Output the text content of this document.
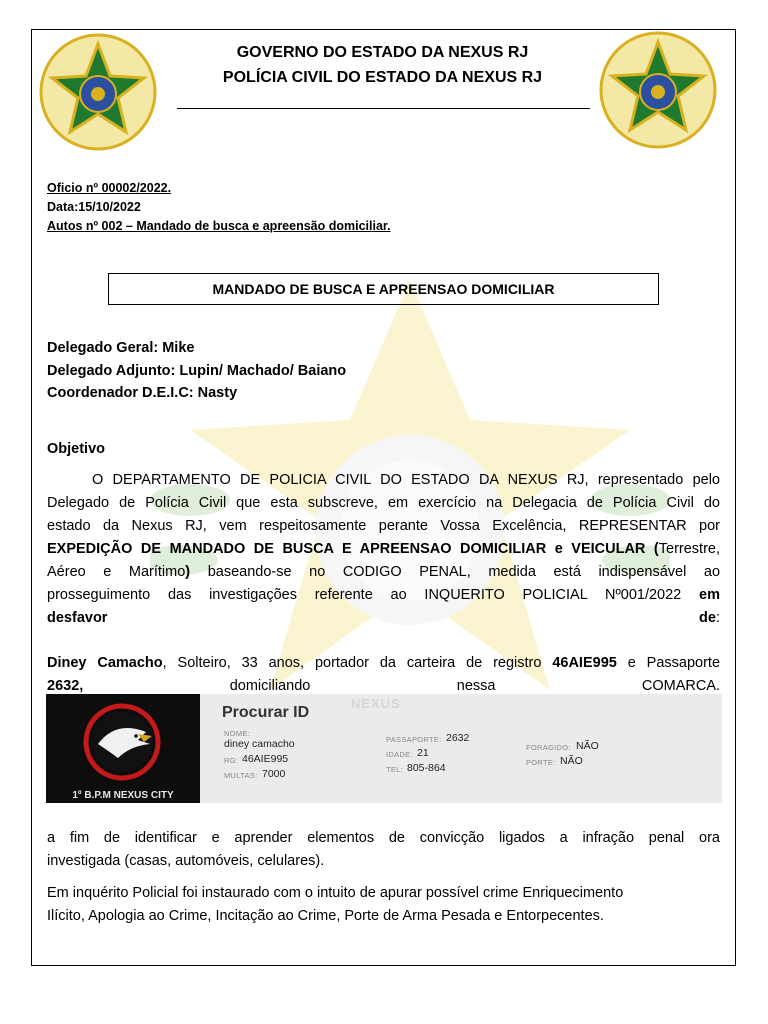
GOVERNO DO ESTADO DA NEXUS RJ
POLÍCIA CIVIL DO ESTADO DA NEXUS RJ
Oficio nº 00002/2022.
Data:15/10/2022
Autos nº 002 – Mandado de busca e apreensão domiciliar.
MANDADO DE BUSCA E APREENSAO DOMICILIAR
Delegado Geral: Mike
Delegado Adjunto: Lupin/ Machado/ Baiano
Coordenador D.E.I.C: Nasty
Objetivo
O DEPARTAMENTO DE POLICIA CIVIL DO ESTADO DA NEXUS RJ, representado pelo
Delegado de Polícia Civil que esta subscreve, em exercício na Delegacia de Polícia Civil do
estado da Nexus RJ, vem respeitosamente perante Vossa Excelência, REPRESENTAR por
EXPEDIÇÃO DE MANDADO DE BUSCA E APREENSAO DOMICILIAR e VEICULAR (Terrestre,
Aéreo e Marítimo) baseando-se no CODIGO PENAL, medida está indispensável ao
prosseguimento das investigações referente ao INQUERITO POLICIAL Nº001/2022 em
desfavor	de:
Diney Camacho, Solteiro, 33 anos, portador da carteira de registro 46AIE995 e Passaporte
2632,	domiciliando	nessa	COMARCA.
1º B.P.M NEXUS CITY
NEXUS
Procurar ID
NOME:
diney camacho
RG: 46AIE995
MULTAS: 7000
PASSAPORTE: 2632
IDADE: 21
TEL: 805-864
FORAGIDO: NÃO
PORTE: NÃO
a fim de identificar e aprender elementos de convicção ligados a infração penal ora
investigada (casas, automóveis, celulares).
Em inquérito Policial foi instaurado com o intuito de apurar possível crime Enriquecimento
Ilícito, Apologia ao Crime, Incitação ao Crime, Porte de Arma Pesada e Entorpecentes.
